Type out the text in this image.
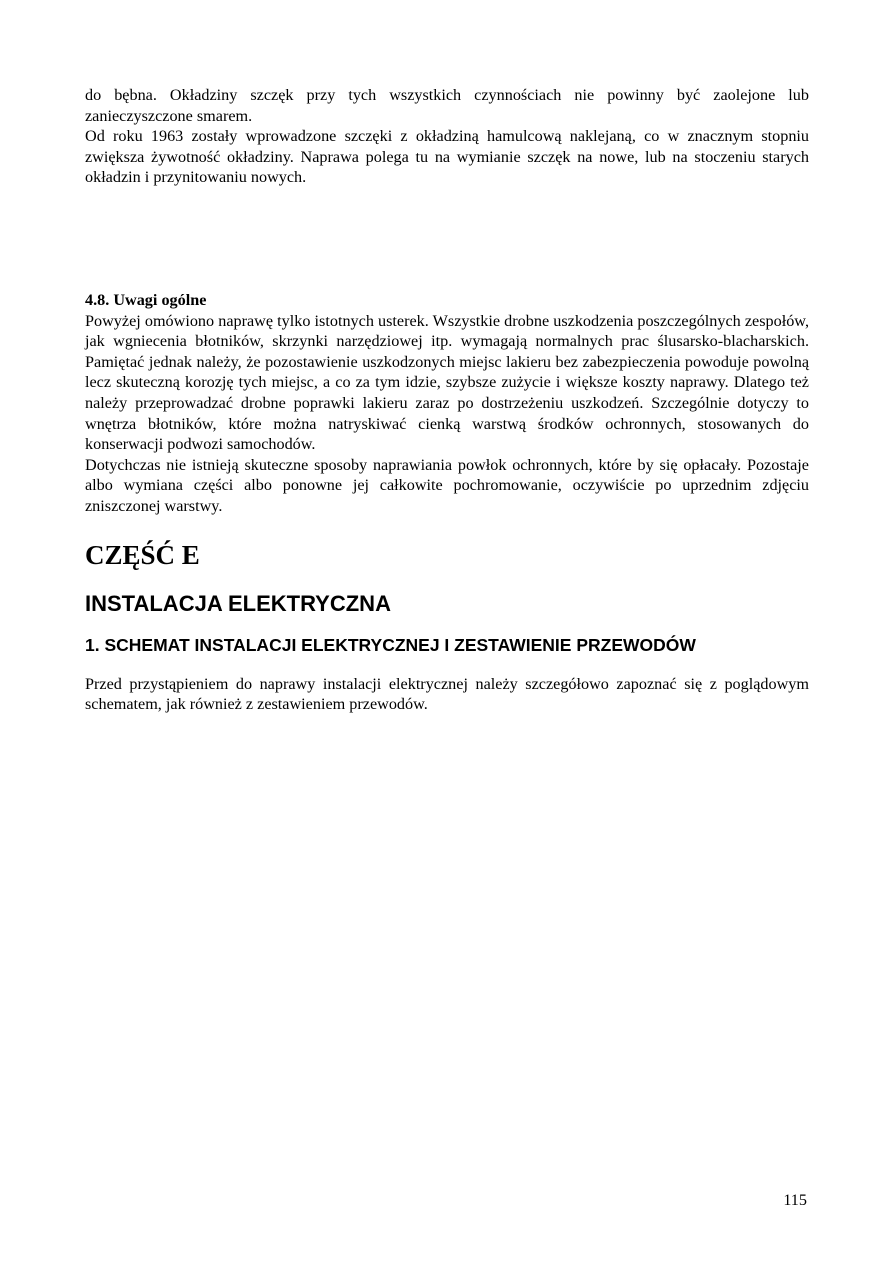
do bębna. Okładziny szczęk przy tych wszystkich czynnościach nie powinny być zaolejone lub zanieczyszczone smarem.

Od roku 1963 zostały wprowadzone szczęki z okładziną hamulcową naklejaną, co w znacznym stopniu zwiększa żywotność okładziny. Naprawa polega tu na wymianie szczęk na nowe, lub na stoczeniu starych okładzin i przynitowaniu nowych.

4.8. Uwagi ogólne

Powyżej omówiono naprawę tylko istotnych usterek. Wszystkie drobne uszkodzenia poszczególnych zespołów, jak wgniecenia błotników, skrzynki narzędziowej itp. wymagają normalnych prac ślusarsko-blacharskich. Pamiętać jednak należy, że pozostawienie uszkodzonych miejsc lakieru bez zabezpieczenia powoduje powolną lecz skuteczną korozję tych miejsc, a co za tym idzie, szybsze zużycie i większe koszty naprawy. Dlatego też należy przeprowadzać drobne poprawki lakieru zaraz po dostrzeżeniu uszkodzeń. Szczególnie dotyczy to wnętrza błotników, które można natryskiwać cienką warstwą środków ochronnych, stosowanych do konserwacji podwozi samochodów.

Dotychczas nie istnieją skuteczne sposoby naprawiania powłok ochronnych, które by się opłacały. Pozostaje albo wymiana części albo ponowne jej całkowite pochromowanie, oczywiście po uprzednim zdjęciu zniszczonej warstwy.

CZĘŚĆ E
INSTALACJA ELEKTRYCZNA
1. SCHEMAT INSTALACJI ELEKTRYCZNEJ I ZESTAWIENIE PRZEWODÓW

Przed przystąpieniem do naprawy instalacji elektrycznej należy szczegółowo zapoznać się z poglądowym schematem, jak również z zestawieniem przewodów.

115
